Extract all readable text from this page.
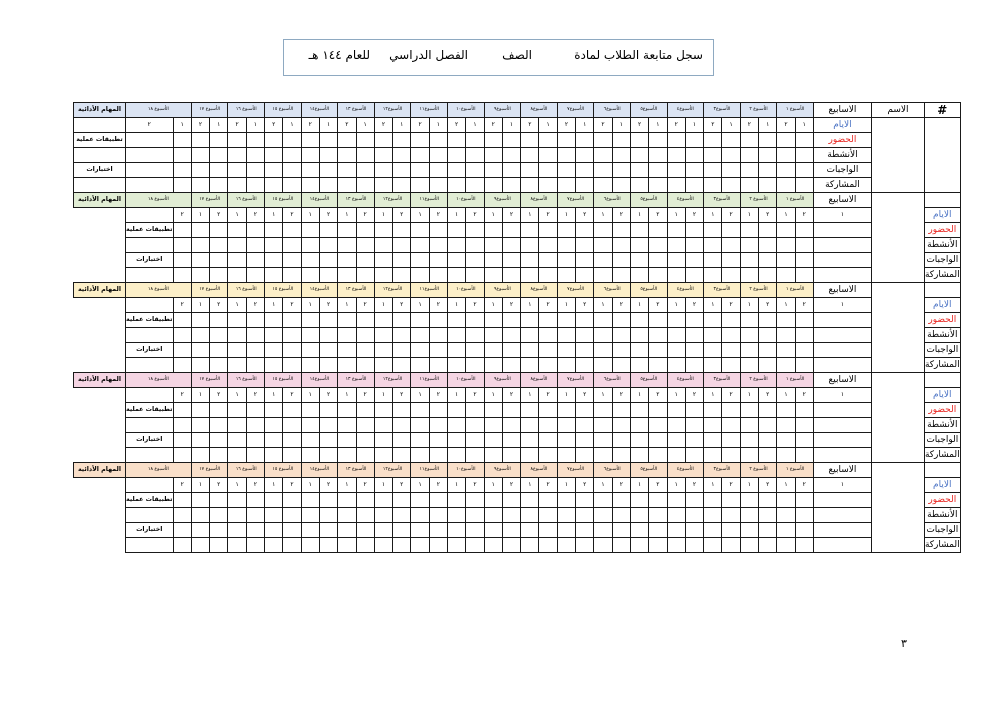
سجل متابعة الطلاب لمادة
الصف
الفصل الدراسي
للعام ١٤٤ هـ
#	الاسم	الاسابيع	الأسبوع ١		الأسبوع ٢		الأسبوع٣		الأسبوع٤		الأسبوع٥		الأسبوع٦		الأسبوع٧		الأسبوع٨		الأسبوع٩		الأسبوع١٠		الأسبوع١١		الأسبوع١٢		الأسبوع ١٣		الأسبوع١٤		الأسبوع ١٥		الأسبوع ١٦		الأسبوع ١٧		الأسبوع ١٨		المهام الأدائية
		الايام	١	٢	١	٢	١	٢	١	٢	١	٢	١	٢	١	٢	١	٢	١	٢	١	٢	١	٢	١	٢	١	٢	١	٢	١	٢	١	٢	١	٢	١	٢	
		الحضور																																					تطبيقات عملية
		الأنشطة																																					
		الواجبات																																					اختبارات
		المشاركة																																					
		الاسابيع	الأسبوع ١		الأسبوع ٢		الأسبوع٣		الأسبوع٤		الأسبوع٥		الأسبوع٦		الأسبوع٧		الأسبوع٨		الأسبوع٩		الأسبوع١٠		الأسبوع١١		الأسبوع١٢		الأسبوع ١٣		الأسبوع١٤		الأسبوع ١٥		الأسبوع ١٦		الأسبوع ١٧		الأسبوع ١٨		المهام الأدائية
الايام		١	٢	١	٢	١	٢	١	٢	١	٢	١	٢	١	٢	١	٢	١	٢	١	٢	١	٢	١	٢	١	٢	١	٢	١	٢	١	٢	١	٢	١	٢		
الحضور																																						تطبيقات عملية	
الأنشطة																																							
الواجبات																																						اختبارات	
المشاركة																																							
		الاسابيع	الأسبوع ١		الأسبوع ٢		الأسبوع٣		الأسبوع٤		الأسبوع٥		الأسبوع٦		الأسبوع٧		الأسبوع٨		الأسبوع٩		الأسبوع١٠		الأسبوع١١		الأسبوع١٢		الأسبوع ١٣		الأسبوع١٤		الأسبوع ١٥		الأسبوع ١٦		الأسبوع ١٧		الأسبوع ١٨		المهام الأدائية
الايام		١	٢	١	٢	١	٢	١	٢	١	٢	١	٢	١	٢	١	٢	١	٢	١	٢	١	٢	١	٢	١	٢	١	٢	١	٢	١	٢	١	٢	١	٢		
الحضور																																						تطبيقات عملية	
الأنشطة																																							
الواجبات																																						اختبارات	
المشاركة																																							
		الاسابيع	الأسبوع ١		الأسبوع ٢		الأسبوع٣		الأسبوع٤		الأسبوع٥		الأسبوع٦		الأسبوع٧		الأسبوع٨		الأسبوع٩		الأسبوع١٠		الأسبوع١١		الأسبوع١٢		الأسبوع ١٣		الأسبوع١٤		الأسبوع ١٥		الأسبوع ١٦		الأسبوع ١٧		الأسبوع ١٨		المهام الأدائية
الايام		١	٢	١	٢	١	٢	١	٢	١	٢	١	٢	١	٢	١	٢	١	٢	١	٢	١	٢	١	٢	١	٢	١	٢	١	٢	١	٢	١	٢	١	٢		
الحضور																																						تطبيقات عملية	
الأنشطة																																							
الواجبات																																						اختبارات	
المشاركة																																							
		الاسابيع	الأسبوع ١		الأسبوع ٢		الأسبوع٣		الأسبوع٤		الأسبوع٥		الأسبوع٦		الأسبوع٧		الأسبوع٨		الأسبوع٩		الأسبوع١٠		الأسبوع١١		الأسبوع١٢		الأسبوع ١٣		الأسبوع١٤		الأسبوع ١٥		الأسبوع ١٦		الأسبوع ١٧		الأسبوع ١٨		المهام الأدائية
الايام		١	٢	١	٢	١	٢	١	٢	١	٢	١	٢	١	٢	١	٢	١	٢	١	٢	١	٢	١	٢	١	٢	١	٢	١	٢	١	٢	١	٢	١	٢		
الحضور																																						تطبيقات عملية	
الأنشطة																																							
الواجبات																																						اختبارات	
المشاركة																																							
٣
